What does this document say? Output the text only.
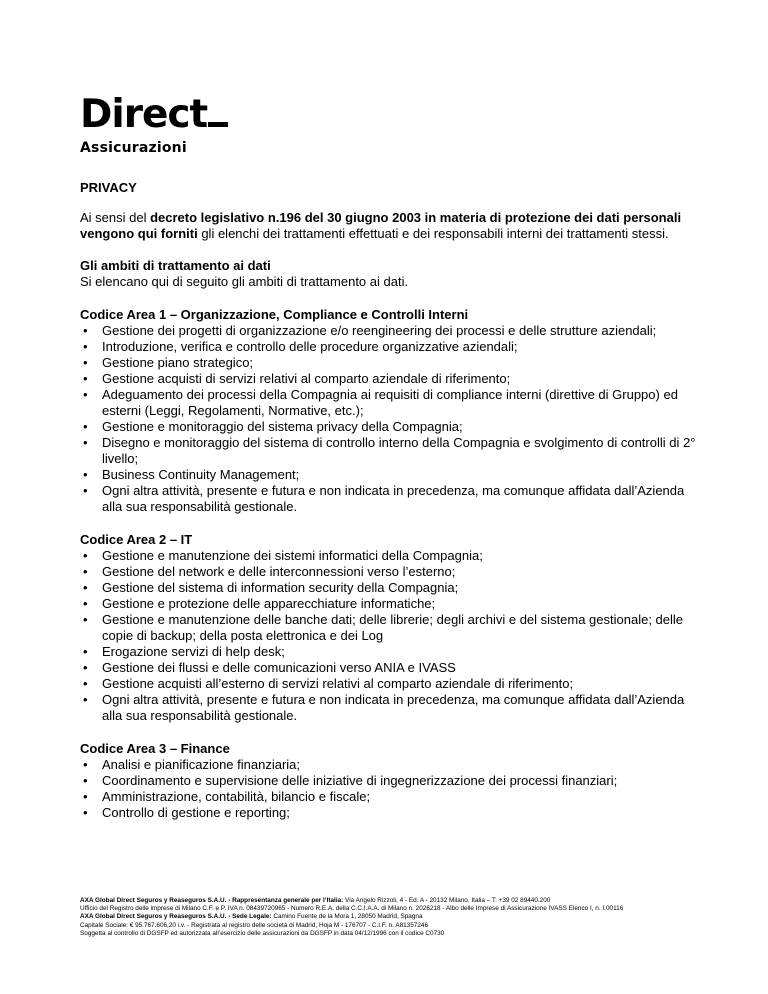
Direct
Assicurazioni

PRIVACY

Ai sensi del decreto legislativo n.196 del 30 giugno 2003 in materia di protezione dei dati personali vengono qui forniti gli elenchi dei trattamenti effettuati e dei responsabili interni dei trattamenti stessi.

Gli ambiti di trattamento ai dati

Si elencano qui di seguito gli ambiti di trattamento ai dati.

Codice Area 1 – Organizzazione, Compliance e Controlli Interni

• Gestione dei progetti di organizzazione e/o reengineering dei processi e delle strutture aziendali;
• Introduzione, verifica e controllo delle procedure organizzative aziendali;
• Gestione piano strategico;
• Gestione acquisti di servizi relativi al comparto aziendale di riferimento;
• Adeguamento dei processi della Compagnia ai requisiti di compliance interni (direttive di Gruppo) ed esterni (Leggi, Regolamenti, Normative, etc.);
• Gestione e monitoraggio del sistema privacy della Compagnia;
• Disegno e monitoraggio del sistema di controllo interno della Compagnia e svolgimento di controlli di 2° livello;
• Business Continuity Management;
• Ogni altra attività, presente e futura e non indicata in precedenza, ma comunque affidata dall’Azienda alla sua responsabilità gestionale.

Codice Area 2 – IT

• Gestione e manutenzione dei sistemi informatici della Compagnia;
• Gestione del network e delle interconnessioni verso l’esterno;
• Gestione del sistema di information security della Compagnia;
• Gestione e protezione delle apparecchiature informatiche;
• Gestione e manutenzione delle banche dati; delle librerie; degli archivi e del sistema gestionale; delle copie di backup; della posta elettronica e dei Log
• Erogazione servizi di help desk;
• Gestione dei flussi e delle comunicazioni verso ANIA e IVASS
• Gestione acquisti all’esterno di servizi relativi al comparto aziendale di riferimento;
• Ogni altra attività, presente e futura e non indicata in precedenza, ma comunque affidata dall’Azienda alla sua responsabilità gestionale.

Codice Area 3 – Finance

• Analisi e pianificazione finanziaria;
• Coordinamento e supervisione delle iniziative di ingegnerizzazione dei processi finanziari;
• Amministrazione, contabilità, bilancio e fiscale;
• Controllo di gestione e reporting;

AXA Global Direct Seguros y Reaseguros S.A.U. - Rappresentanza generale per l’Italia: Via Angelo Rizzoli, 4 - Ed. A - 20132 Milano, Italia – T: +39 02 89440.200

Ufficio del Registro delle imprese di Milano C.F. e P. IVA n. 08439720965 - Numero R.E.A. della C.C.I.A.A. di Milano n. 2026218 - Albo delle Imprese di Assicurazione IVASS Elenco I, n. I.00116

AXA Global Direct Seguros y Reaseguros S.A.U. - Sede Legale: Camino Fuente de la Mora 1, 28050 Madrid, Spagna

Capitale Sociale: € 95.767.606,20 i.v. - Registrata al registro delle società di Madrid, Hoja M - 176707 - C.I.F. n. A81357246

Soggetta al controllo di DGSFP ed autorizzata all’esercizio delle assicurazioni da DGSFP in data 04/12/1996 con il codice C0730
